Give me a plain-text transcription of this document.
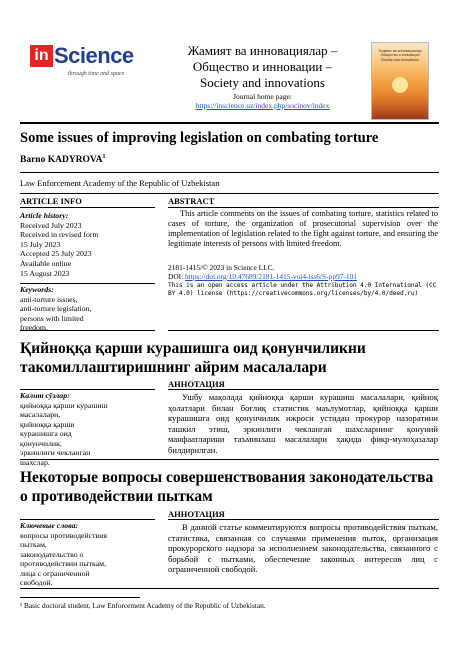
in Science
through time and space
Жамият ва инновациялар –
Общество и инновации –
Society and innovations
Journal home page:
https://inscience.uz/index.php/socinov/index
Жамият ва инновациялар Общество и инновации Society and innovations
Some issues of improving legislation on combating torture
Barno KADYROVA$^1$
Law Enforcement Academy of the Republic of Uzbekistan
ARTICLE INFO	ABSTRACT
Article history:
Received July 2023
Received in revised form
15 July 2023
Accepted 25 July 2023
Available online
15 August 2023
Keywords:
anti-torture issues,
anti-torture legislation,
persons with limited
freedom.

This article comments on the issues of combating torture, statistics related to cases of torture, the organization of prosecutorial supervision over the implementation of legislation related to the fight against torture, and ensuring the legitimate interests of persons with limited freedom.

2181-1415/© 2023 in Science LLC.
DOI: https://doi.org/10.47689/2181-1415-vol4-iss6/S-pp97-101
This is an open access article under the Attribution 4.0 International (CC BY 4.0) license (https://creativecommons.org/licenses/by/4.0/deed.ru)
Қийноққа қарши курашишга оид қонунчиликни такомиллаштиришнинг айрим масалалари
АННОТАЦИЯ
Калит сўзлар:
қийноққа қарши курашиш
масалалари,
қийноққа қарши
курашишга оид
қонунчилик,
эркинлиги чекланган
шахслар.

Ушбу мақолада қийноққа қарши курашиш масалалари, қийноқ ҳолатлари билан боғлиқ статистик маълумотлар, қийноққа қарши курашишга оид қонунчилик ижроси устидан прокурор назоратини ташкил этиш, эркинлиги чекланган шахсларнинг қонуний манфаатларини таъминлаш масалалари ҳақида фикр-мулоҳазалар билдирилган.

Некоторые вопросы совершенствования законодательства о противодействии пыткам
АННОТАЦИЯ
Ключевые слова:
вопросы противодействия
пыткам,
законодательство о
противодействии пыткам,
лица с ограниченной
свободой.

В данной статье комментируются вопросы противодействия пыткам, статистика, связанная со случаями применения пыток, организация прокурорского надзора за исполнением законодательства, связанного с борьбой с пытками, обеспечение законных интересов лиц с ограниченной свободой.

¹ Basic doctoral student, Law Enforcement Academy of the Republic of Uzbekistan.
